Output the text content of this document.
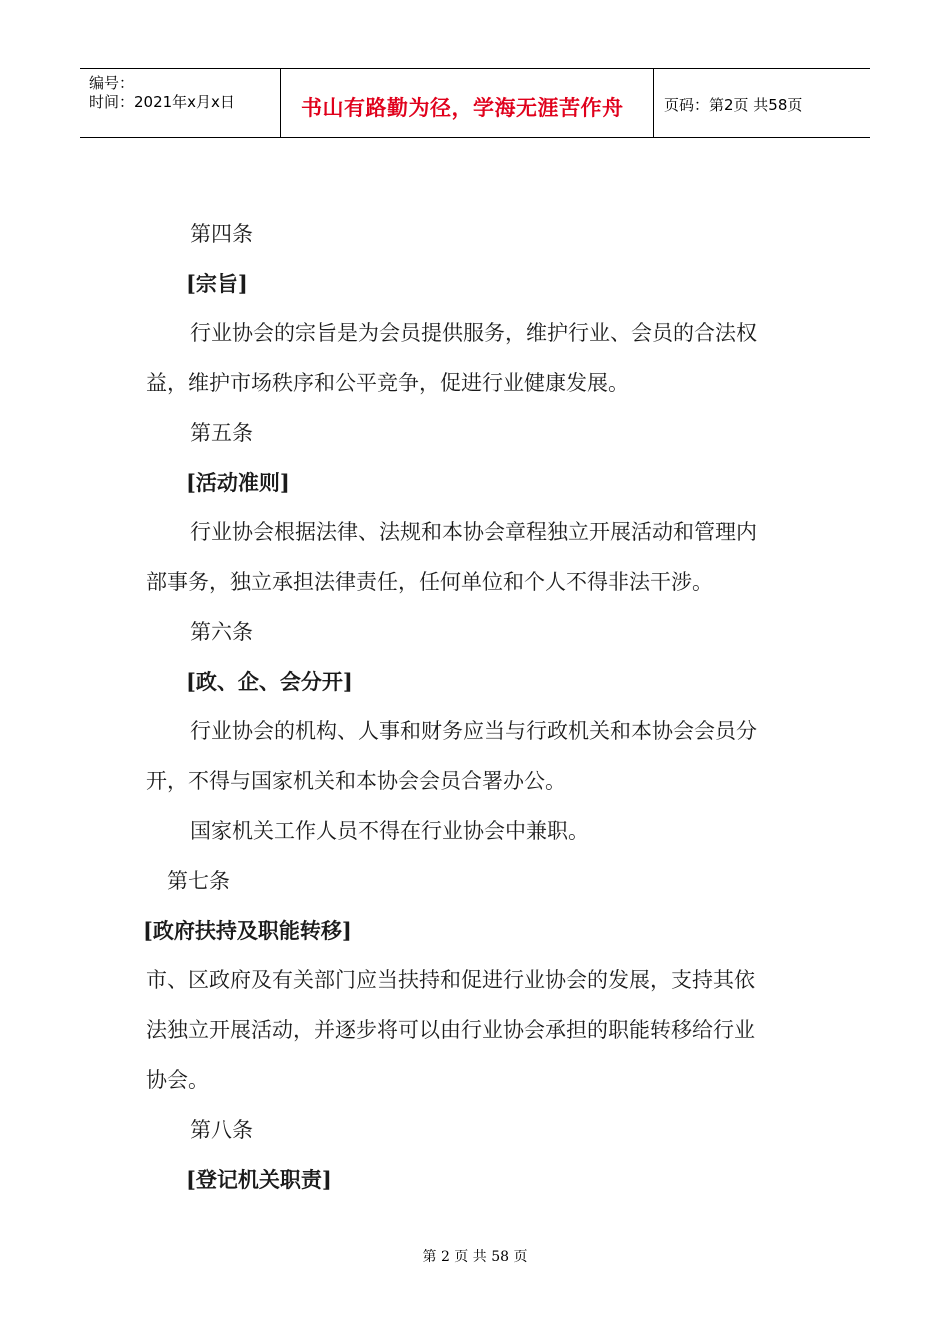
编号：
时间：2021年x月x日	书山有路勤为径，学海无涯苦作舟	页码：第2页 共58页
第四条
[宗旨]
行业协会的宗旨是为会员提供服务，维护行业、会员的合法权
益，维护市场秩序和公平竞争，促进行业健康发展。
第五条
[活动准则]
行业协会根据法律、法规和本协会章程独立开展活动和管理内
部事务，独立承担法律责任，任何单位和个人不得非法干涉。
第六条
[政、企、会分开]
行业协会的机构、人事和财务应当与行政机关和本协会会员分
开，不得与国家机关和本协会会员合署办公。
国家机关工作人员不得在行业协会中兼职。
第七条
[政府扶持及职能转移]
市、区政府及有关部门应当扶持和促进行业协会的发展，支持其依
法独立开展活动，并逐步将可以由行业协会承担的职能转移给行业
协会。
第八条
[登记机关职责]
第 2 页 共 58 页
